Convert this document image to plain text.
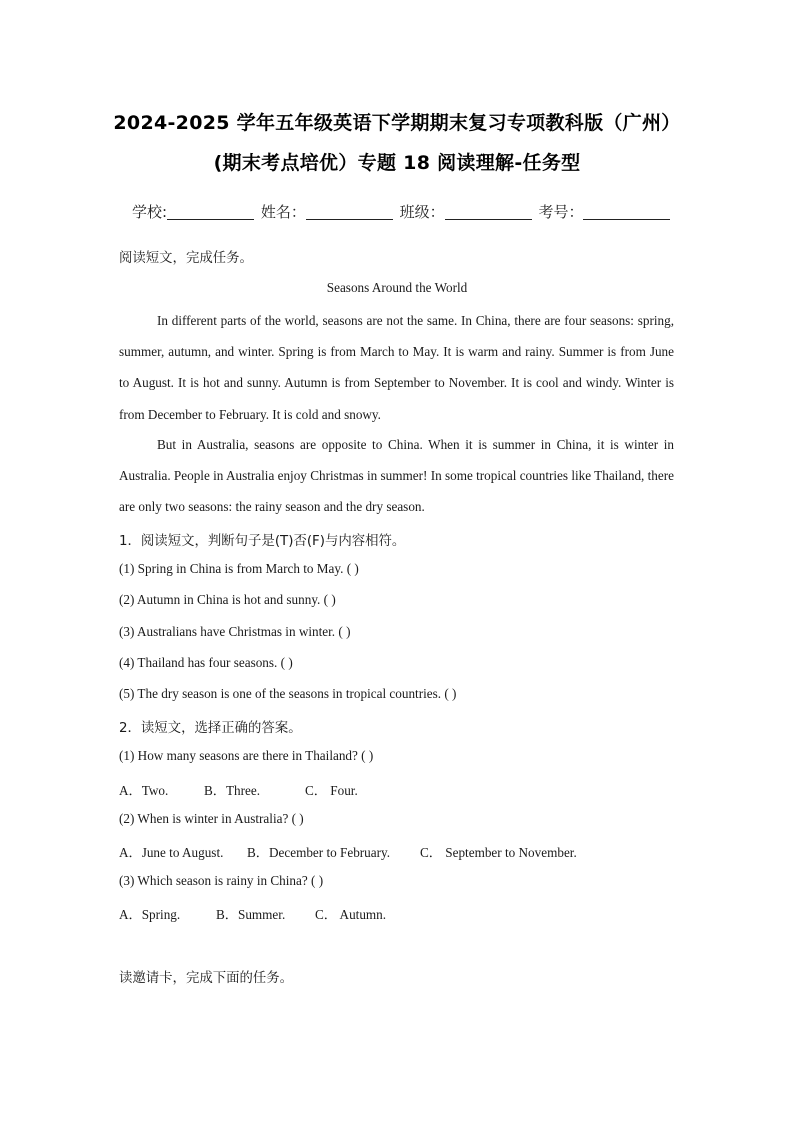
2024-2025 学年五年级英语下学期期末复习专项教科版（广州）
(期末考点培优）专题 18 阅读理解-任务型
学校:	姓名：	班级：	考号：
阅读短文，完成任务。
Seasons Around the World
In different parts of the world, seasons are not the same. In China, there are four seasons: spring, summer, autumn, and winter. Spring is from March to May. It is warm and rainy. Summer is from June to August. It is hot and sunny. Autumn is from September to November. It is cool and windy. Winter is from December to February. It is cold and snowy.
But in Australia, seasons are opposite to China. When it is summer in China, it is winter in Australia. People in Australia enjoy Christmas in summer! In some tropical countries like Thailand, there are only two seasons: the rainy season and the dry season.
1．阅读短文，判断句子是(T)否(F)与内容相符。
(1) Spring in China is from March to May. ( )
(2) Autumn in China is hot and sunny. ( )
(3) Australians have Christmas in winter. ( )
(4) Thailand has four seasons. ( )
(5) The dry season is one of the seasons in tropical countries. ( )
2．读短文，选择正确的答案。
(1) How many seasons are there in Thailand? ( )
A．Two.	B．Three.	C． Four.
(2) When is winter in Australia? ( )
A．June to August. B．December to February. C． September to November.
(3) Which season is rainy in China? ( )
A．Spring.	B．Summer. C． Autumn.
读邀请卡，完成下面的任务。
